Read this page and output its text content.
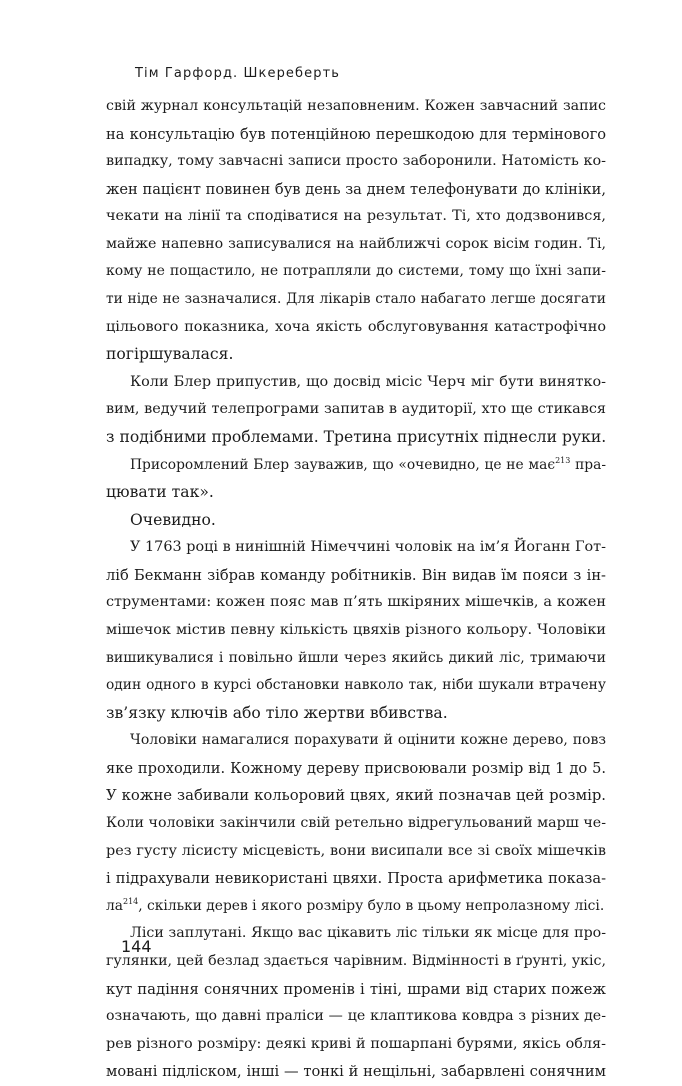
Тім Гарфорд. Шкереберть
свій журнал консультацій незаповненим. Кожен завчасний запис
на консультацію був потенційною перешкодою для термінового
випадку, тому завчасні записи просто заборонили. Натомість ко-
жен пацієнт повинен був день за днем телефонувати до клініки,
чекати на лінії та сподіватися на результат. Ті, хто додзвонився,
майже напевно записувалися на найближчі сорок вісім годин. Ті,
кому не пощастило, не потрапляли до системи, тому що їхні запи-
ти ніде не зазначалися. Для лікарів стало набагато легше досягати
цільового показника, хоча якість обслуговування катастрофічно
погіршувалася.
Коли Блер припустив, що досвід місіс Черч міг бути винятко-
вим, ведучий телепрограми запитав в аудиторії, хто ще стикався
з подібними проблемами. Третина присутніх піднесли руки.
Присоромлений Блер зауважив, що «очевидно, це не має$^{213}$ пра-
цювати так».
Очевидно.
У 1763 році в нинішній Німеччині чоловік на ім’я Йоганн Гот-
ліб Бекманн зібрав команду робітників. Він видав їм пояси з ін-
струментами: кожен пояс мав п’ять шкіряних мішечків, а кожен
мішечок містив певну кількість цвяхів різного кольору. Чоловіки
вишикувалися і повільно йшли через якийсь дикий ліс, тримаючи
один одного в курсі обстановки навколо так, ніби шукали втрачену
зв’язку ключів або тіло жертви вбивства.
Чоловіки намагалися порахувати й оцінити кожне дерево, повз
яке проходили. Кожному дереву присвоювали розмір від 1 до 5.
У кожне забивали кольоровий цвях, який позначав цей розмір.
Коли чоловіки закінчили свій ретельно відрегульований марш че-
рез густу лісисту місцевість, вони висипали все зі своїх мішечків
і підрахували невикористані цвяхи. Проста арифметика показа-
$ла^{214}$, скільки дерев і якого розміру було в цьому непролазному лісі.
Ліси заплутані. Якщо вас цікавить ліс тільки як місце для про-
гулянки, цей безлад здається чарівним. Відмінності в ґрунті, укіс,
кут падіння сонячних променів і тіні, шрами від старих пожеж
означають, що давні праліси — це клаптикова ковдра з різних де-
рев різного розміру: деякі криві й пошарпані бурями, якісь обля-
мовані підліском, інші — тонкі й нещільні, забарвлені сонячним
144
